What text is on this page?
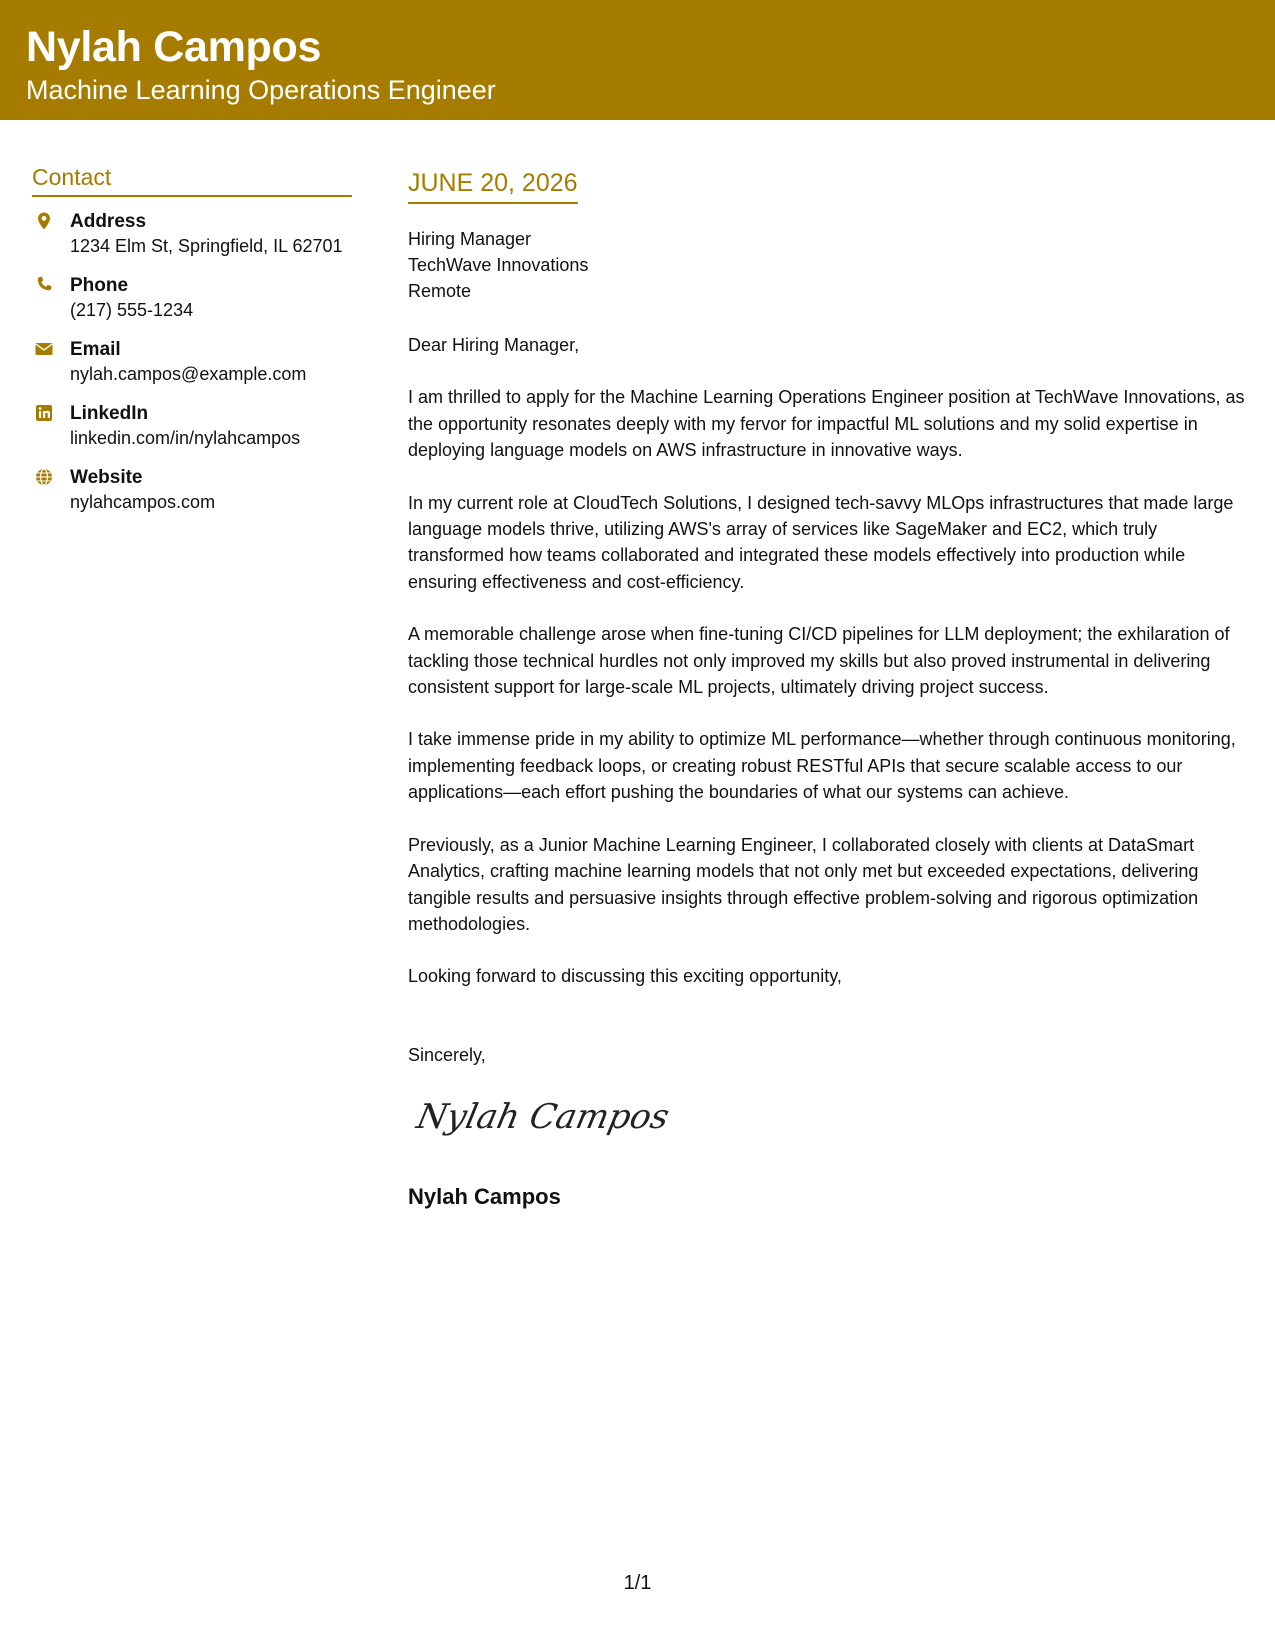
Nylah Campos
Machine Learning Operations Engineer
Contact
Address
1234 Elm St, Springfield, IL 62701
Phone
(217) 555-1234
Email
nylah.campos@example.com
LinkedIn
linkedin.com/in/nylahcampos
Website
nylahcampos.com
JUNE 20, 2026
Hiring Manager
TechWave Innovations
Remote

Dear Hiring Manager,

I am thrilled to apply for the Machine Learning Operations Engineer position at TechWave Innovations, as the opportunity resonates deeply with my fervor for impactful ML solutions and my solid expertise in deploying language models on AWS infrastructure in innovative ways.

In my current role at CloudTech Solutions, I designed tech-savvy MLOps infrastructures that made large language models thrive, utilizing AWS's array of services like SageMaker and EC2, which truly transformed how teams collaborated and integrated these models effectively into production while ensuring effectiveness and cost-efficiency.

A memorable challenge arose when fine-tuning CI/CD pipelines for LLM deployment; the exhilaration of tackling those technical hurdles not only improved my skills but also proved instrumental in delivering consistent support for large-scale ML projects, ultimately driving project success.

I take immense pride in my ability to optimize ML performance—whether through continuous monitoring, implementing feedback loops, or creating robust RESTful APIs that secure scalable access to our applications—each effort pushing the boundaries of what our systems can achieve.

Previously, as a Junior Machine Learning Engineer, I collaborated closely with clients at DataSmart Analytics, crafting machine learning models that not only met but exceeded expectations, delivering tangible results and persuasive insights through effective problem-solving and rigorous optimization methodologies.

Looking forward to discussing this exciting opportunity,

Sincerely,

Nylah Campos
Nylah Campos
1/1
